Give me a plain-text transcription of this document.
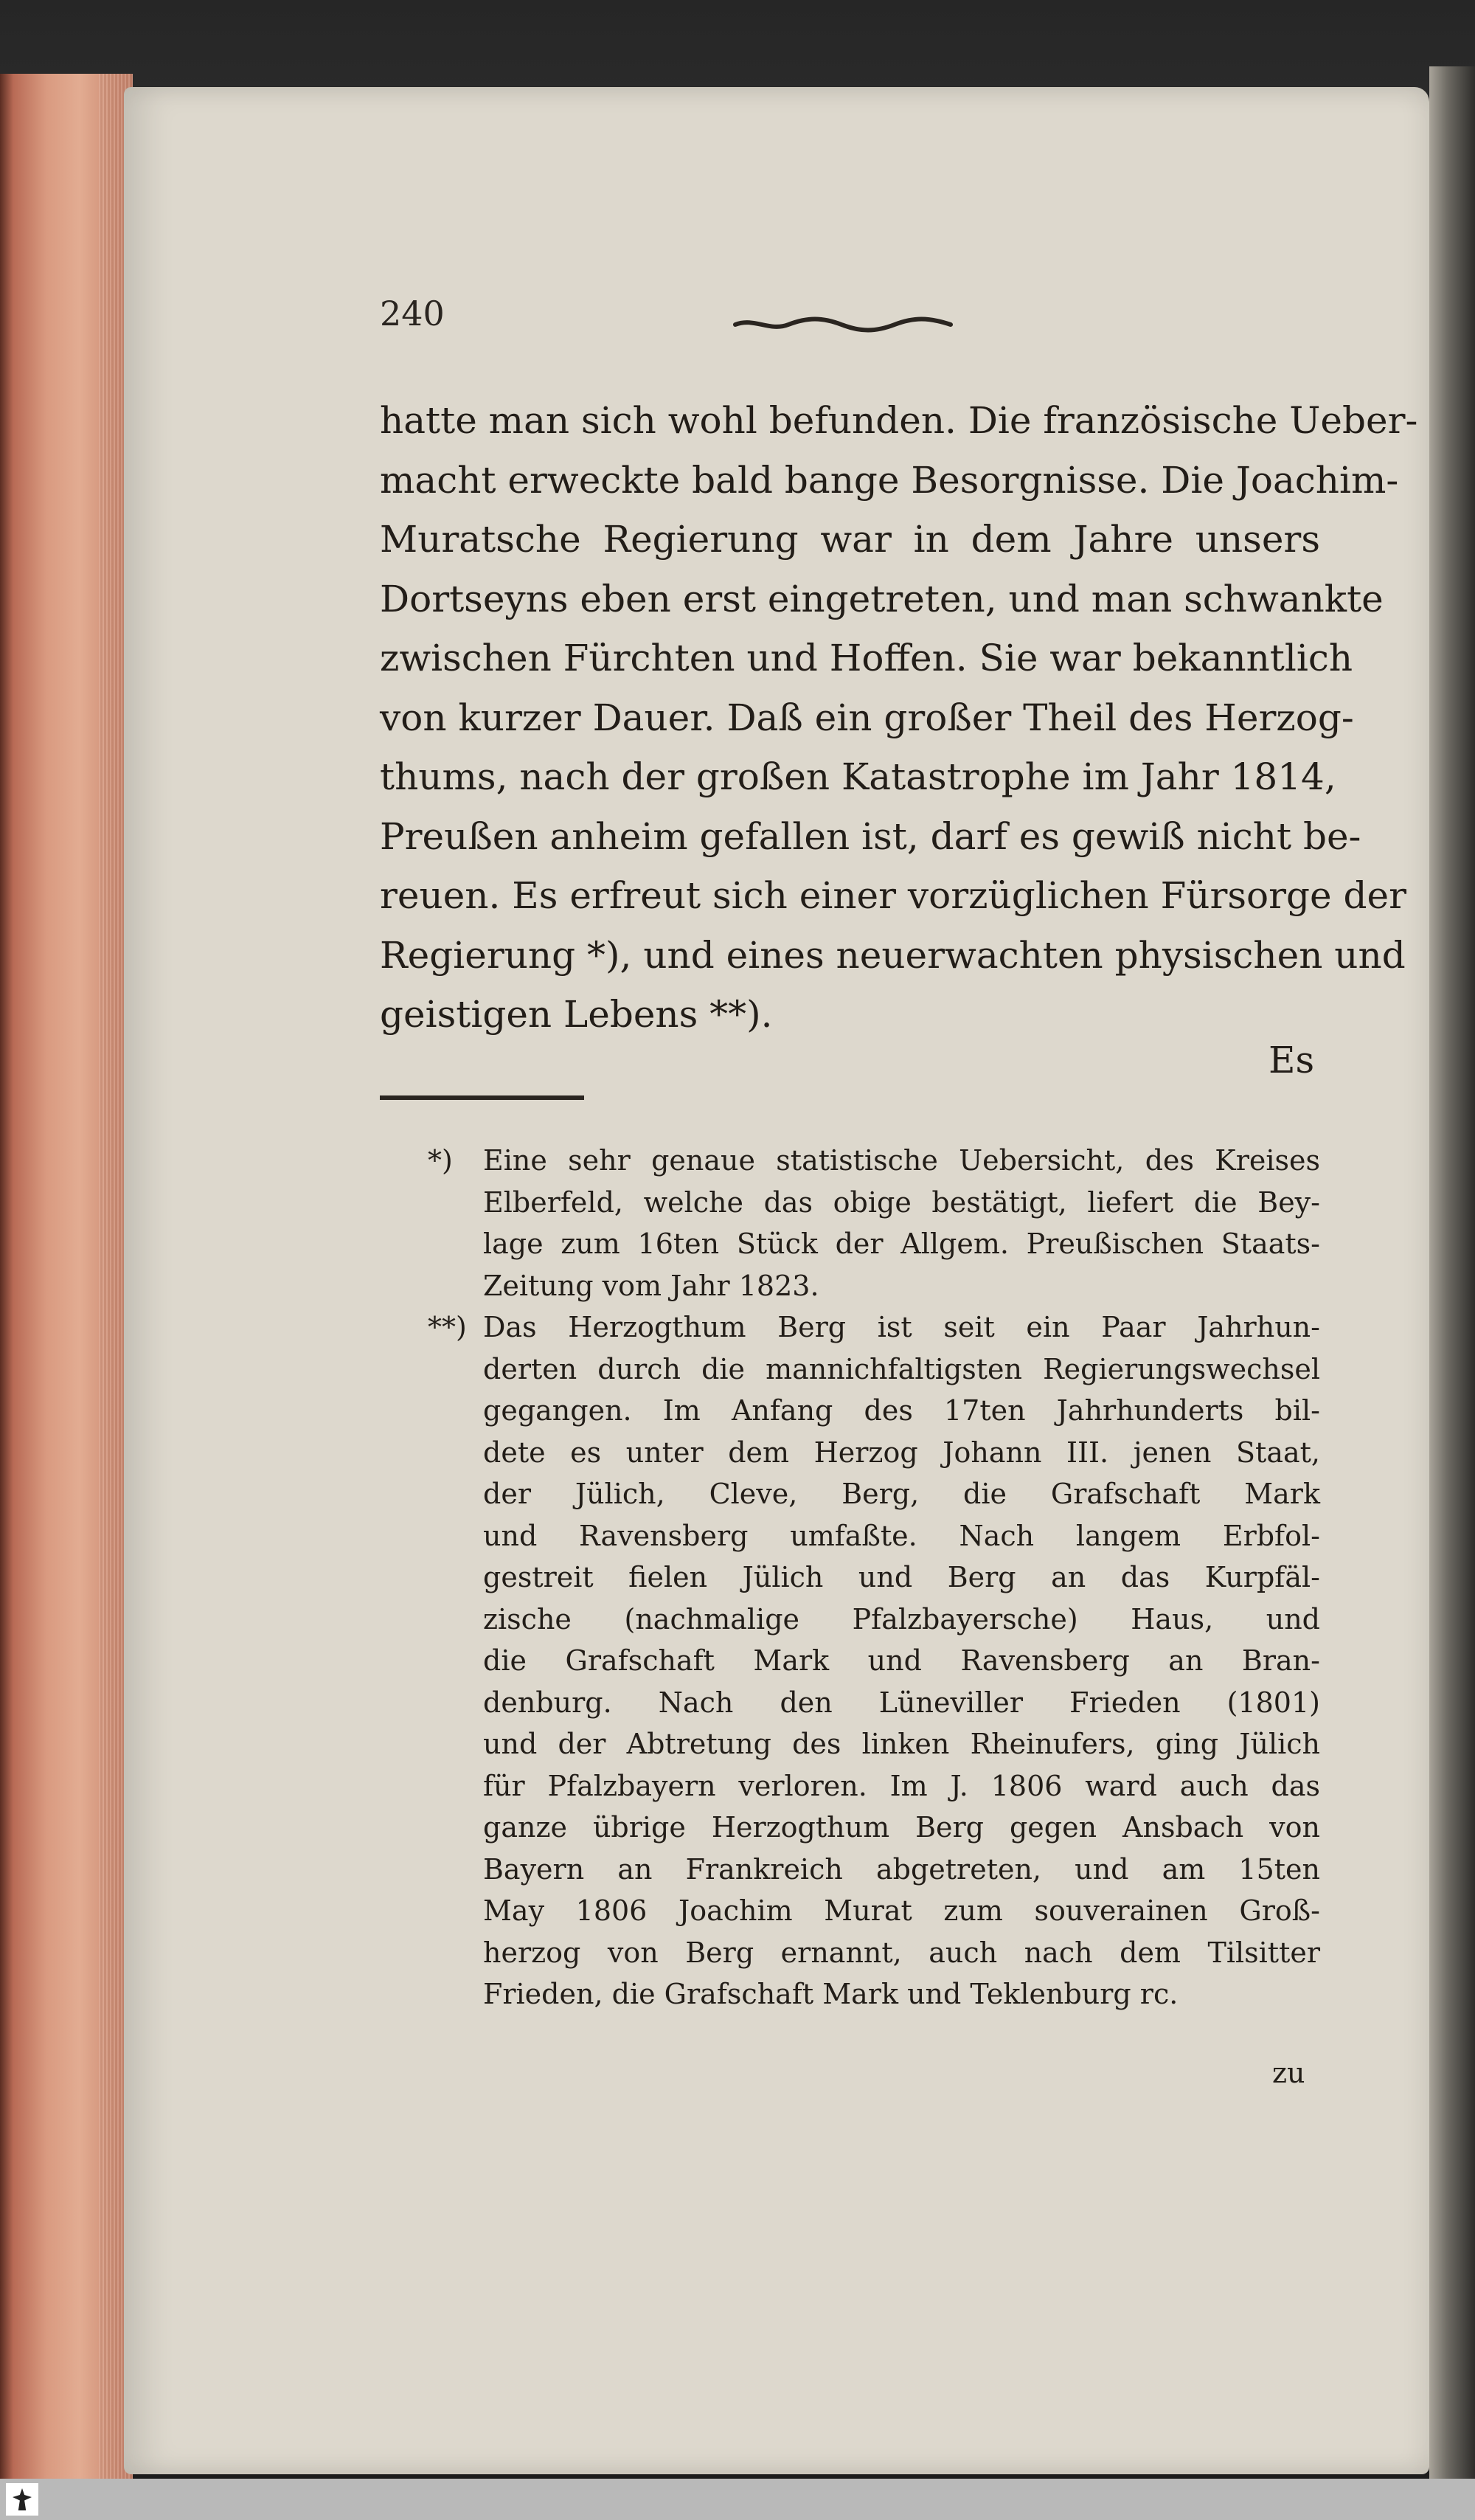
240
hatte man sich wohl befunden. Die französische Ueber-
macht erweckte bald bange Besorgnisse. Die Joachim-
Muratsche Regierung war in dem Jahre unsers
Dortseyns eben erst eingetreten, und man schwankte
zwischen Fürchten und Hoffen. Sie war bekanntlich
von kurzer Dauer. Daß ein großer Theil des Herzog-
thums, nach der großen Katastrophe im Jahr 1814,
Preußen anheim gefallen ist, darf es gewiß nicht be-
reuen. Es erfreut sich einer vorzüglichen Fürsorge der
Regierung *), und eines neuerwachten physischen und
geistigen Lebens **).
Es
*) Eine sehr genaue statistische Uebersicht, des Kreises
Elberfeld, welche das obige bestätigt, liefert die Bey-
lage zum 16ten Stück der Allgem. Preußischen Staats-
Zeitung vom Jahr 1823.
**) Das Herzogthum Berg ist seit ein Paar Jahrhun-
derten durch die mannichfaltigsten Regierungswechsel
gegangen. Im Anfang des 17ten Jahrhunderts bil-
dete es unter dem Herzog Johann III. jenen Staat,
der Jülich, Cleve, Berg, die Grafschaft Mark
und Ravensberg umfaßte. Nach langem Erbfol-
gestreit fielen Jülich und Berg an das Kurpfäl-
zische (nachmalige Pfalzbayersche) Haus, und
die Grafschaft Mark und Ravensberg an Bran-
denburg. Nach den Lüneviller Frieden (1801)
und der Abtretung des linken Rheinufers, ging Jülich
für Pfalzbayern verloren. Im J. 1806 ward auch das
ganze übrige Herzogthum Berg gegen Ansbach von
Bayern an Frankreich abgetreten, und am 15ten
May 1806 Joachim Murat zum souverainen Groß-
herzog von Berg ernannt, auch nach dem Tilsitter
Frieden, die Grafschaft Mark und Teklenburg rc.
zu
